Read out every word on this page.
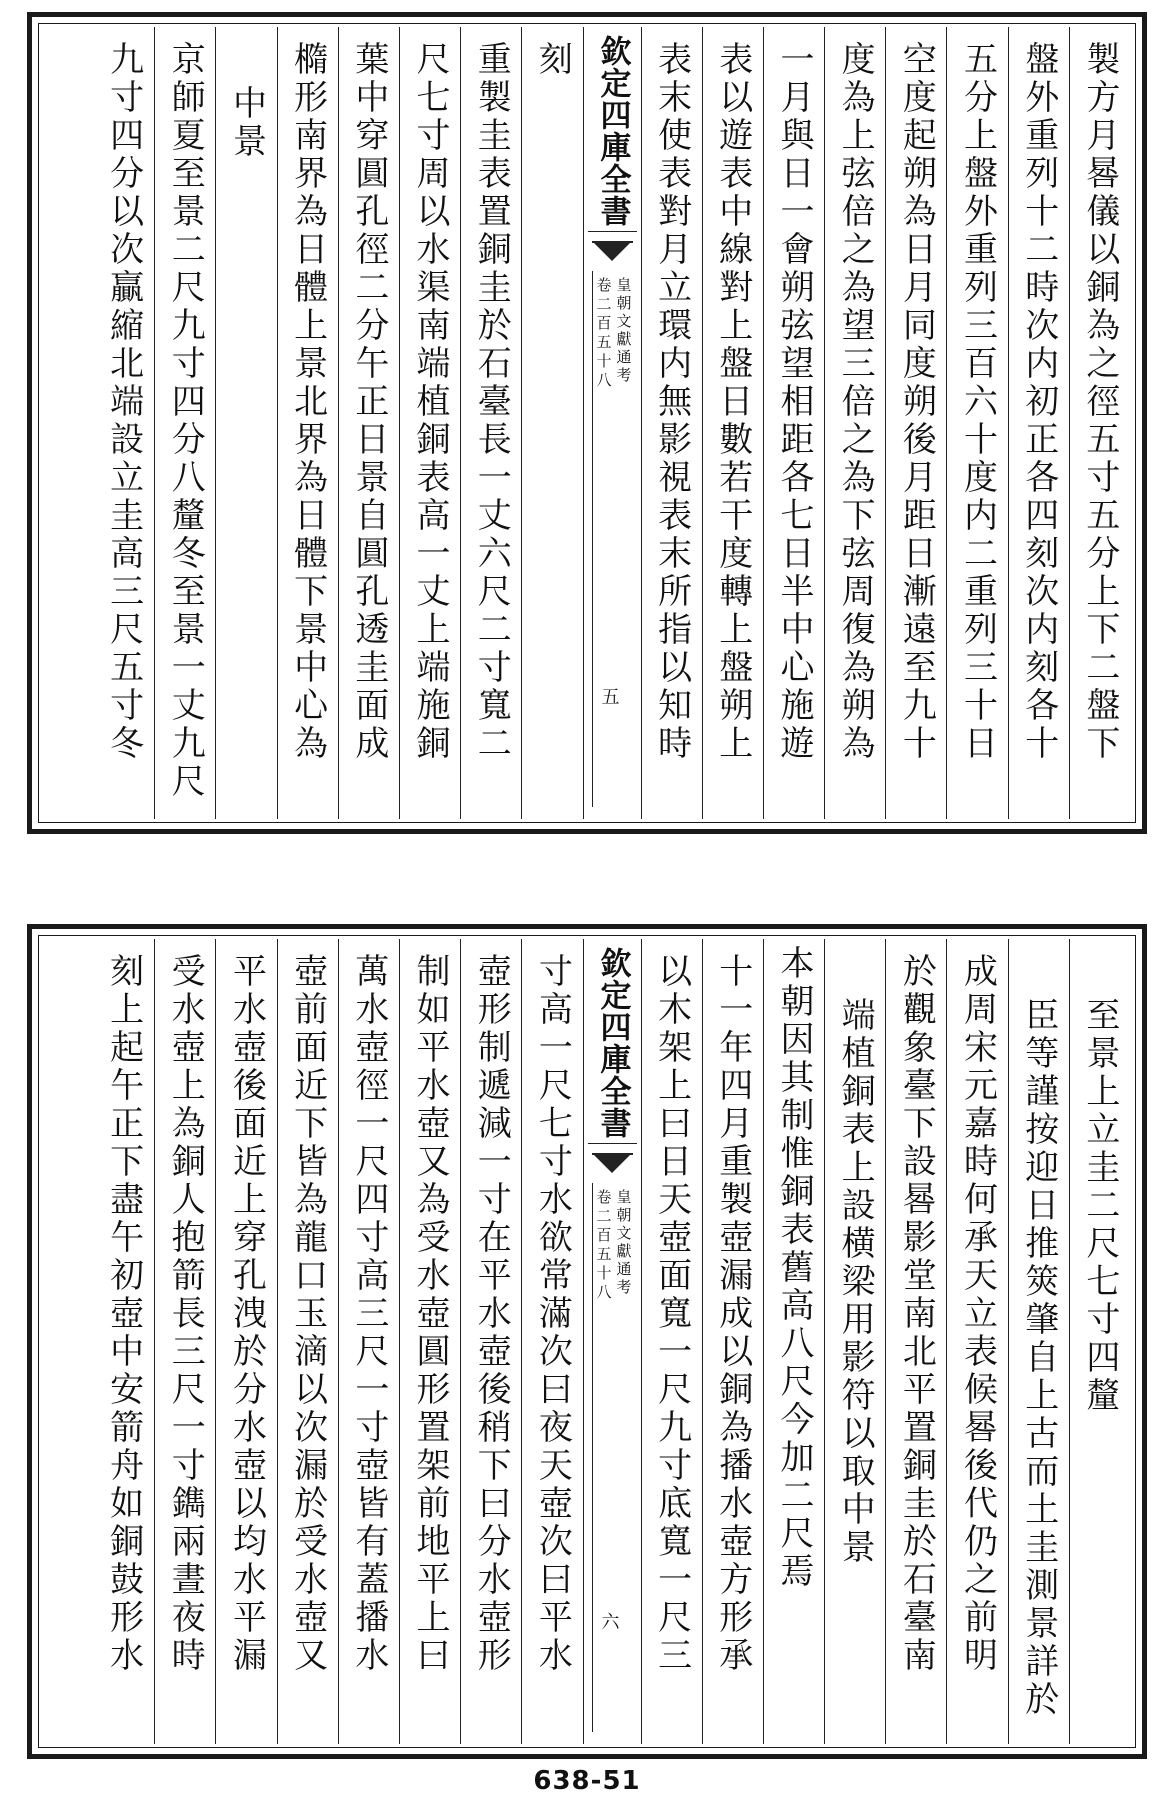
製方月晷儀以銅為之徑五寸五分上下二盤下
盤外重列十二時次内初正各四刻次内刻各十
五分上盤外重列三百六十度内二重列三十日
空度起朔為日月同度朔後月距日漸遠至九十
度為上弦倍之為望三倍之為下弦周復為朔為
一月與日一會朔弦望相距各七日半中心施遊
表以遊表中線對上盤日數若干度轉上盤朔上
表末使表對月立環内無影視表末所指以知時
欽定四庫全書
皇朝文獻通考
卷二百五十八
五
刻
重製圭表置銅圭於石臺長一丈六尺二寸寬二
尺七寸周以水渠南端植銅表高一丈上端施銅
葉中穿圓孔徑二分午正日景自圓孔透圭面成
橢形南界為日體上景北界為日體下景中心為
中景
京師夏至景二尺九寸四分八釐冬至景一丈九尺
九寸四分以次贏縮北端設立圭高三尺五寸冬
至景上立圭二尺七寸四釐
臣等謹按迎日推筴肇自上古而土圭測景詳於
成周宋元嘉時何承天立表候晷後代仍之前明
於觀象臺下設晷影堂南北平置銅圭於石臺南
端植銅表上設横梁用影符以取中景
本朝因其制惟銅表舊高八尺今加二尺焉
十一年四月重製壺漏成以銅為播水壺方形承
以木架上曰日天壺面寬一尺九寸底寬一尺三
欽定四庫全書
皇朝文獻通考
卷二百五十八
六
寸高一尺七寸水欲常滿次曰夜天壺次曰平水
壺形制遞減一寸在平水壺後稍下曰分水壺形
制如平水壺又為受水壺圓形置架前地平上曰
萬水壺徑一尺四寸高三尺一寸壺皆有蓋播水
壺前面近下皆為龍口玉滴以次漏於受水壺又
平水壺後面近上穿孔洩於分水壺以均水平漏
受水壺上為銅人抱箭長三尺一寸鐫兩晝夜時
刻上起午正下盡午初壺中安箭舟如銅鼓形水
638-51
